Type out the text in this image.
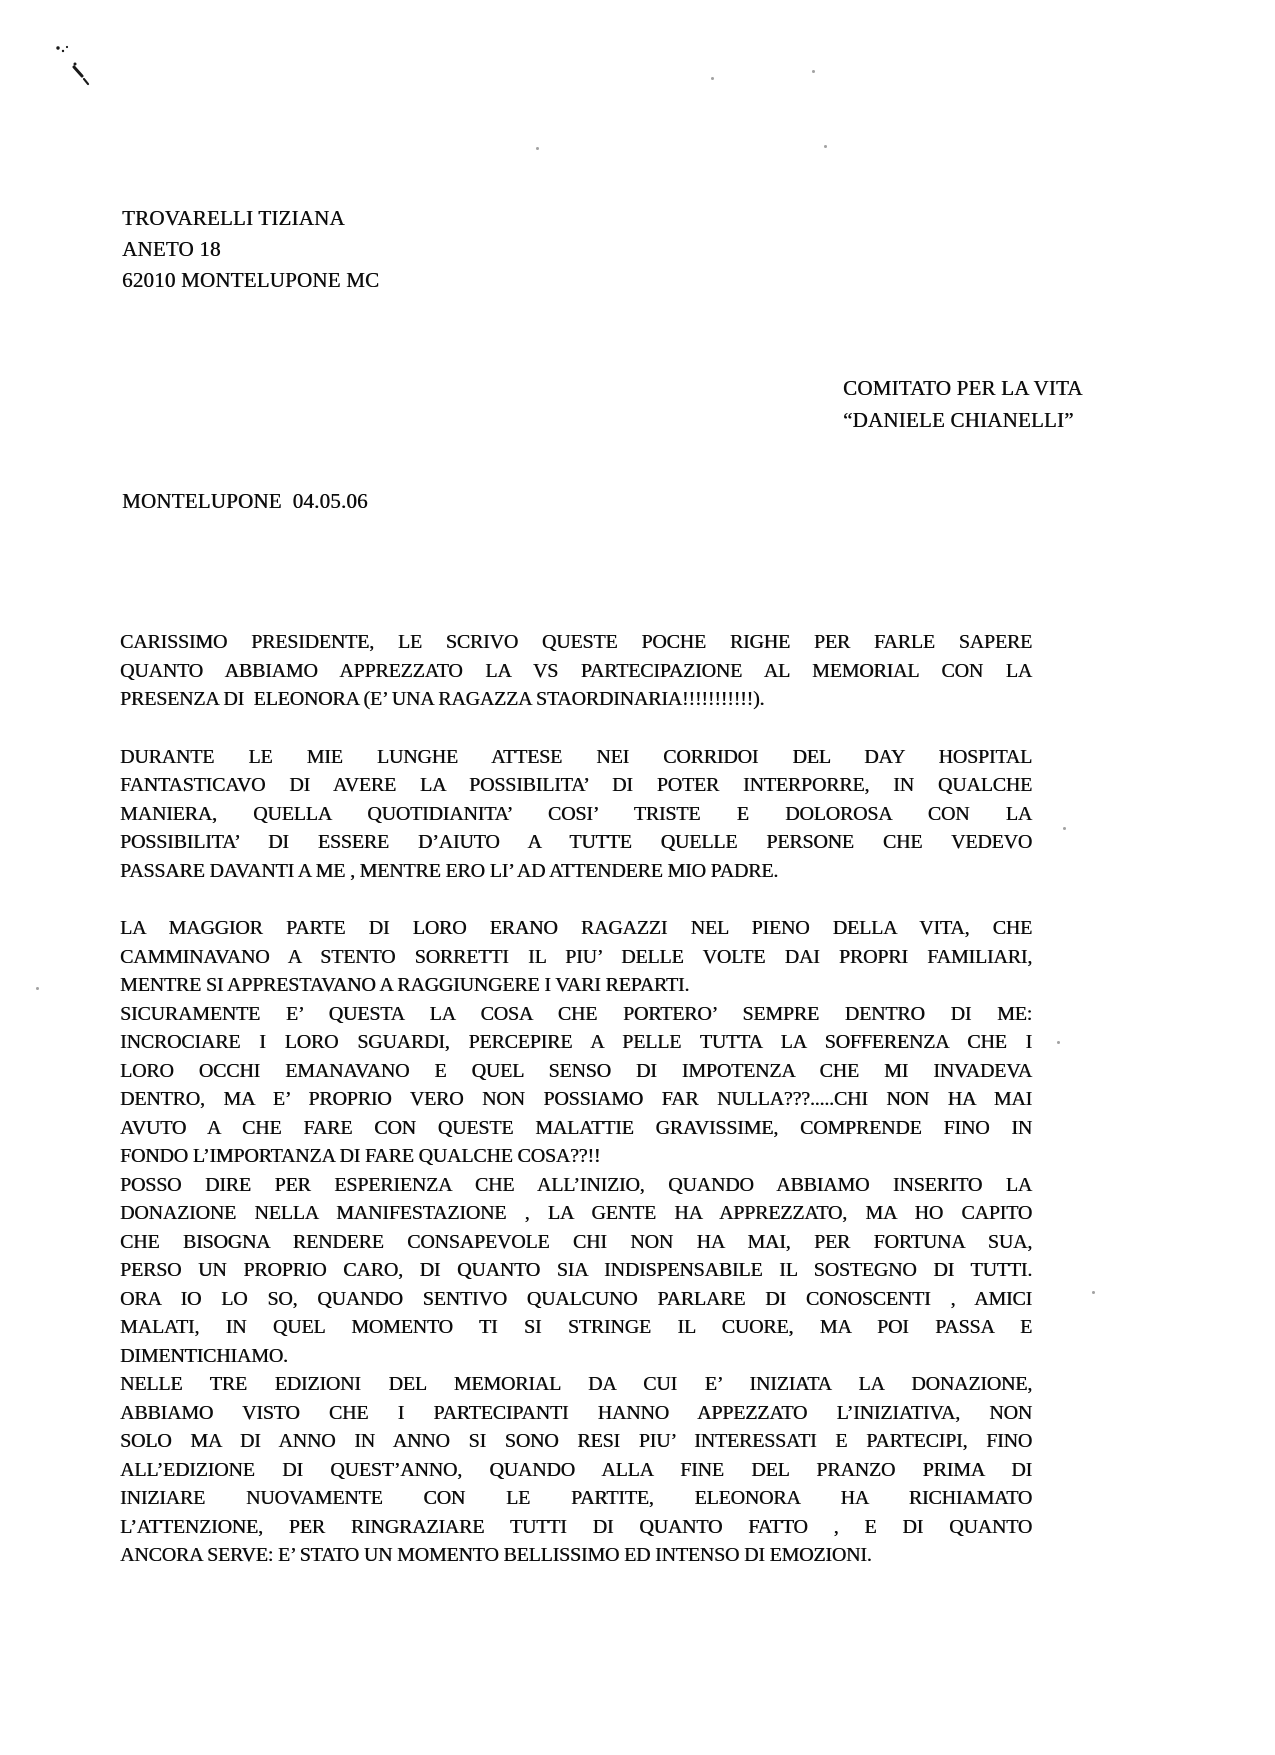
TROVARELLI TIZIANA
ANETO 18
62010 MONTELUPONE MC
COMITATO PER LA VITA
“DANIELE CHIANELLI”
MONTELUPONE  04.05.06
CARISSIMO PRESIDENTE, LE SCRIVO QUESTE POCHE RIGHE PER FARLE SAPERE
QUANTO ABBIAMO APPREZZATO LA VS PARTECIPAZIONE AL MEMORIAL CON LA
PRESENZA DI  ELEONORA (E’ UNA RAGAZZA STAORDINARIA!!!!!!!!!!!).
DURANTE LE MIE LUNGHE ATTESE NEI CORRIDOI DEL DAY HOSPITAL
FANTASTICAVO DI AVERE LA POSSIBILITA’ DI POTER INTERPORRE, IN QUALCHE
MANIERA, QUELLA QUOTIDIANITA’ COSI’ TRISTE E DOLOROSA CON LA
POSSIBILITA’ DI ESSERE D’AIUTO A TUTTE QUELLE PERSONE CHE VEDEVO
PASSARE DAVANTI A ME , MENTRE ERO LI’ AD ATTENDERE MIO PADRE.
LA MAGGIOR PARTE DI LORO ERANO RAGAZZI NEL PIENO DELLA VITA, CHE
CAMMINAVANO A STENTO SORRETTI IL PIU’ DELLE VOLTE DAI PROPRI FAMILIARI,
MENTRE SI APPRESTAVANO A RAGGIUNGERE I VARI REPARTI.
SICURAMENTE E’ QUESTA LA COSA CHE PORTERO’ SEMPRE DENTRO DI ME:
INCROCIARE I LORO SGUARDI, PERCEPIRE A PELLE TUTTA LA SOFFERENZA CHE I
LORO OCCHI EMANAVANO E QUEL SENSO DI IMPOTENZA CHE MI INVADEVA
DENTRO, MA E’ PROPRIO VERO NON POSSIAMO FAR NULLA???.....CHI NON HA MAI
AVUTO A CHE FARE CON QUESTE MALATTIE GRAVISSIME, COMPRENDE FINO IN
FONDO L’IMPORTANZA DI FARE QUALCHE COSA??!!
POSSO DIRE PER ESPERIENZA CHE ALL’INIZIO, QUANDO ABBIAMO INSERITO LA
DONAZIONE NELLA MANIFESTAZIONE , LA GENTE HA APPREZZATO, MA HO CAPITO
CHE BISOGNA RENDERE CONSAPEVOLE CHI NON HA MAI, PER FORTUNA SUA,
PERSO UN PROPRIO CARO, DI QUANTO SIA INDISPENSABILE IL SOSTEGNO DI TUTTI.
ORA IO LO SO, QUANDO SENTIVO QUALCUNO PARLARE DI CONOSCENTI , AMICI
MALATI, IN QUEL MOMENTO TI SI STRINGE IL CUORE, MA POI PASSA E
DIMENTICHIAMO.
NELLE TRE EDIZIONI DEL MEMORIAL DA CUI E’ INIZIATA LA DONAZIONE,
ABBIAMO VISTO CHE I PARTECIPANTI HANNO APPEZZATO L’INIZIATIVA, NON
SOLO MA DI ANNO IN ANNO SI SONO RESI PIU’ INTERESSATI E PARTECIPI, FINO
ALL’EDIZIONE DI QUEST’ANNO, QUANDO ALLA FINE DEL PRANZO PRIMA DI
INIZIARE NUOVAMENTE CON LE PARTITE, ELEONORA HA RICHIAMATO
L’ATTENZIONE, PER RINGRAZIARE TUTTI DI QUANTO FATTO , E DI QUANTO
ANCORA SERVE: E’ STATO UN MOMENTO BELLISSIMO ED INTENSO DI EMOZIONI.
